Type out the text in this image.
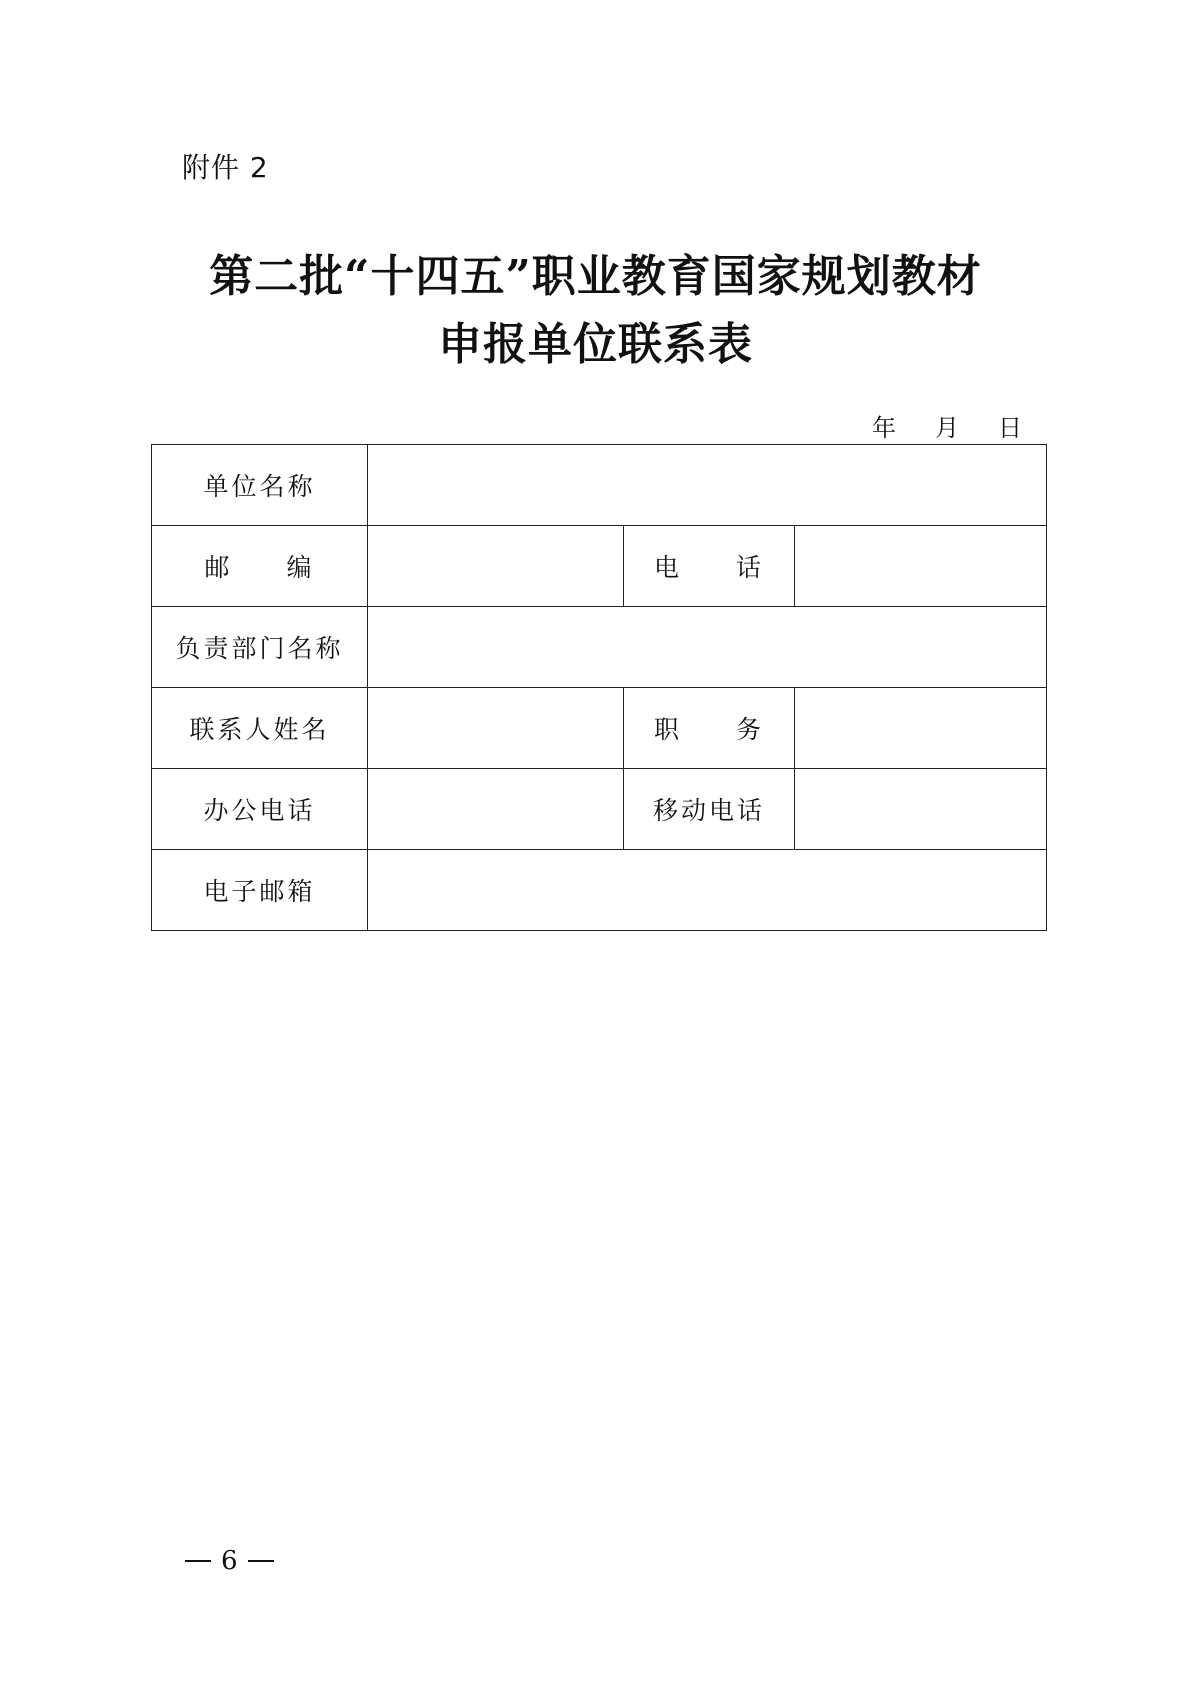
附件 2
第二批“十四五”职业教育国家规划教材
申报单位联系表
年 月 日
单位名称			

邮 编		电 话	

负责部门名称			
联系人姓名		职 务	

办公电话		移动电话	
电子邮箱			
6
